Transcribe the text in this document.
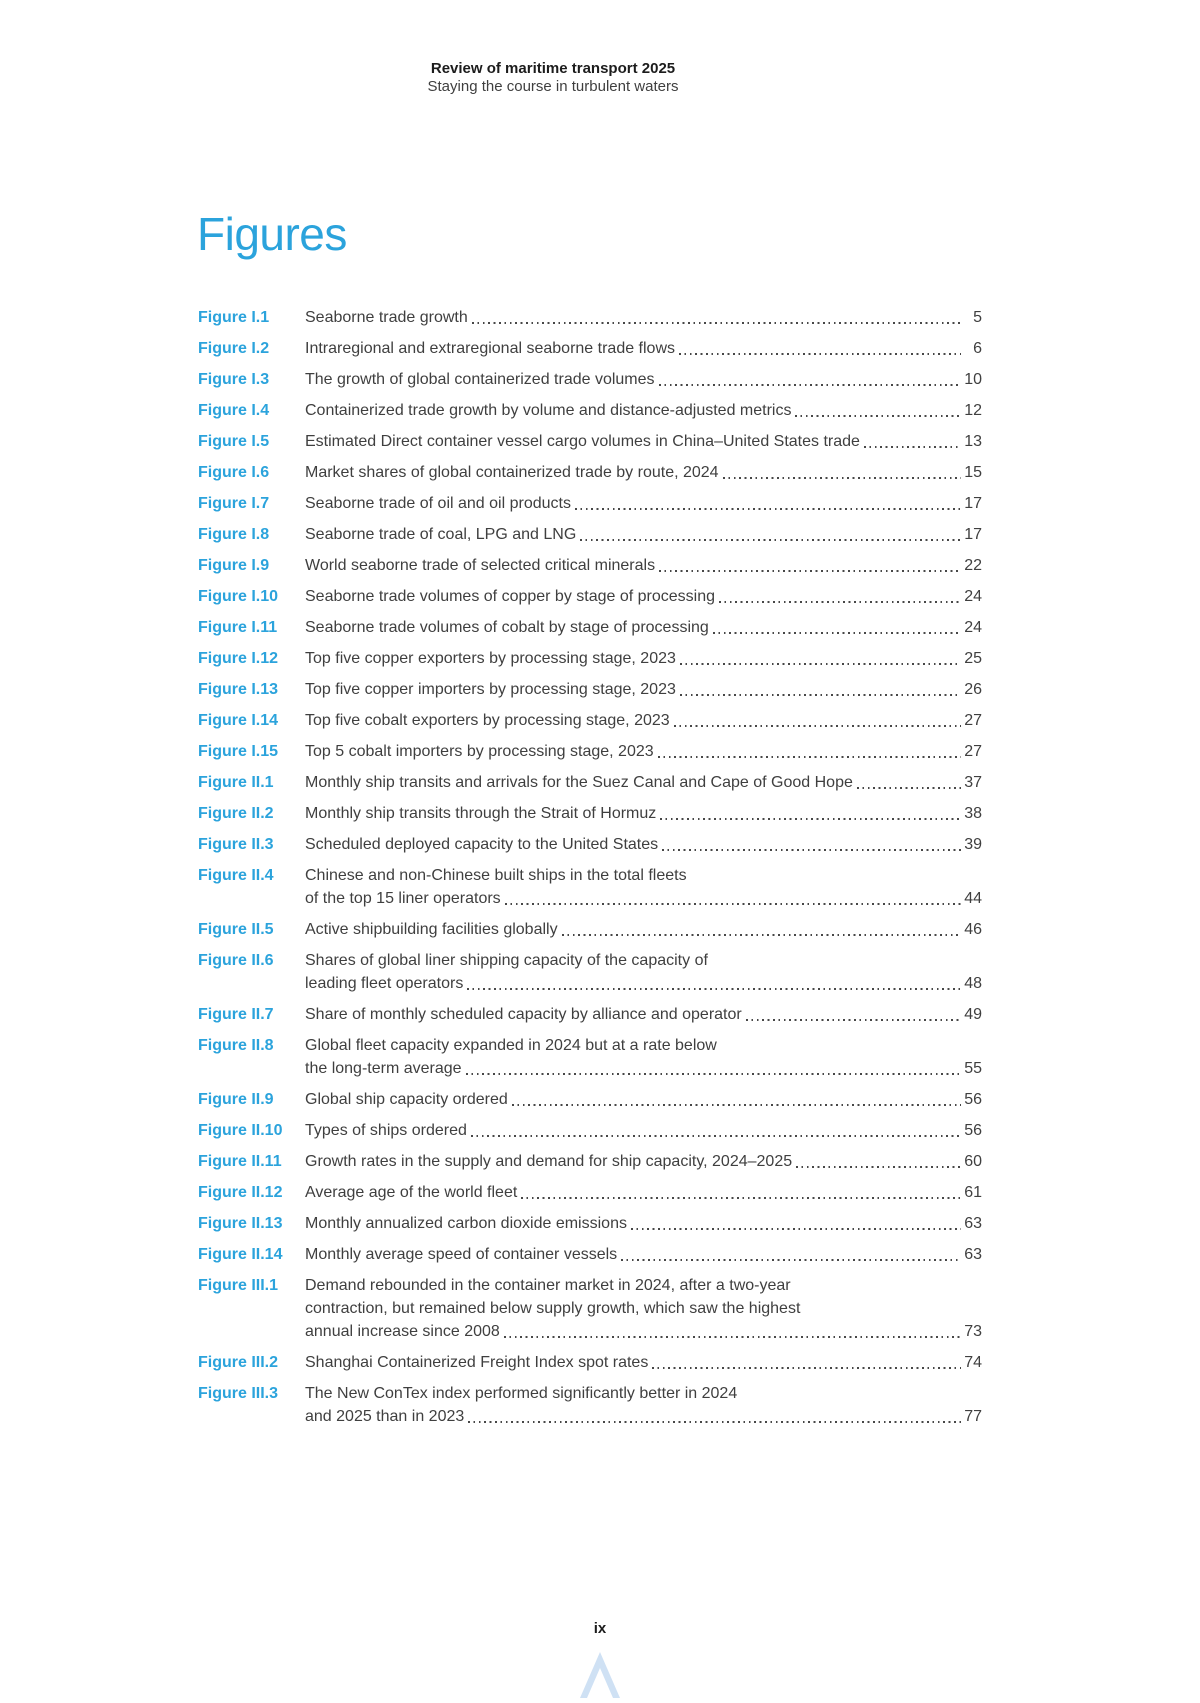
Review of maritime transport 2025
Staying the course in turbulent waters
Figures
Figure I.1	Seaborne trade growth	5
Figure I.2	Intraregional and extraregional seaborne trade flows	6
Figure I.3	The growth of global containerized trade volumes	10
Figure I.4	Containerized trade growth by volume and distance-adjusted metrics	12
Figure I.5	Estimated Direct container vessel cargo volumes in China–United States trade	13
Figure I.6	Market shares of global containerized trade by route, 2024	15
Figure I.7	Seaborne trade of oil and oil products	17
Figure I.8	Seaborne trade of coal, LPG and LNG	17
Figure I.9	World seaborne trade of selected critical minerals	22
Figure I.10	Seaborne trade volumes of copper by stage of processing	24
Figure I.11	Seaborne trade volumes of cobalt by stage of processing	24
Figure I.12	Top five copper exporters by processing stage, 2023	25
Figure I.13	Top five copper importers by processing stage, 2023	26
Figure I.14	Top five cobalt exporters by processing stage, 2023	27
Figure I.15	Top 5 cobalt importers by processing stage, 2023	27
Figure II.1	Monthly ship transits and arrivals for the Suez Canal and Cape of Good Hope	37
Figure II.2	Monthly ship transits through the Strait of Hormuz	38
Figure II.3	Scheduled deployed capacity to the United States	39
Figure II.4	Chinese and non-Chinese built ships in the total fleets
of the top 15 liner operators	44
Figure II.5	Active shipbuilding facilities globally	46
Figure II.6	Shares of global liner shipping capacity of the capacity of
leading fleet operators	48
Figure II.7	Share of monthly scheduled capacity by alliance and operator	49
Figure II.8	Global fleet capacity expanded in 2024 but at a rate below
the long-term average	55
Figure II.9	Global ship capacity ordered	56
Figure II.10	Types of ships ordered	56
Figure II.11	Growth rates in the supply and demand for ship capacity, 2024–2025	60
Figure II.12	Average age of the world fleet	61
Figure II.13	Monthly annualized carbon dioxide emissions	63
Figure II.14	Monthly average speed of container vessels	63
Figure III.1	Demand rebounded in the container market in 2024, after a two-year
contraction, but remained below supply growth, which saw the highest
annual increase since 2008	73
Figure III.2	Shanghai Containerized Freight Index spot rates	74
Figure III.3	The New ConTex index performed significantly better in 2024
and 2025 than in 2023	77
ix
